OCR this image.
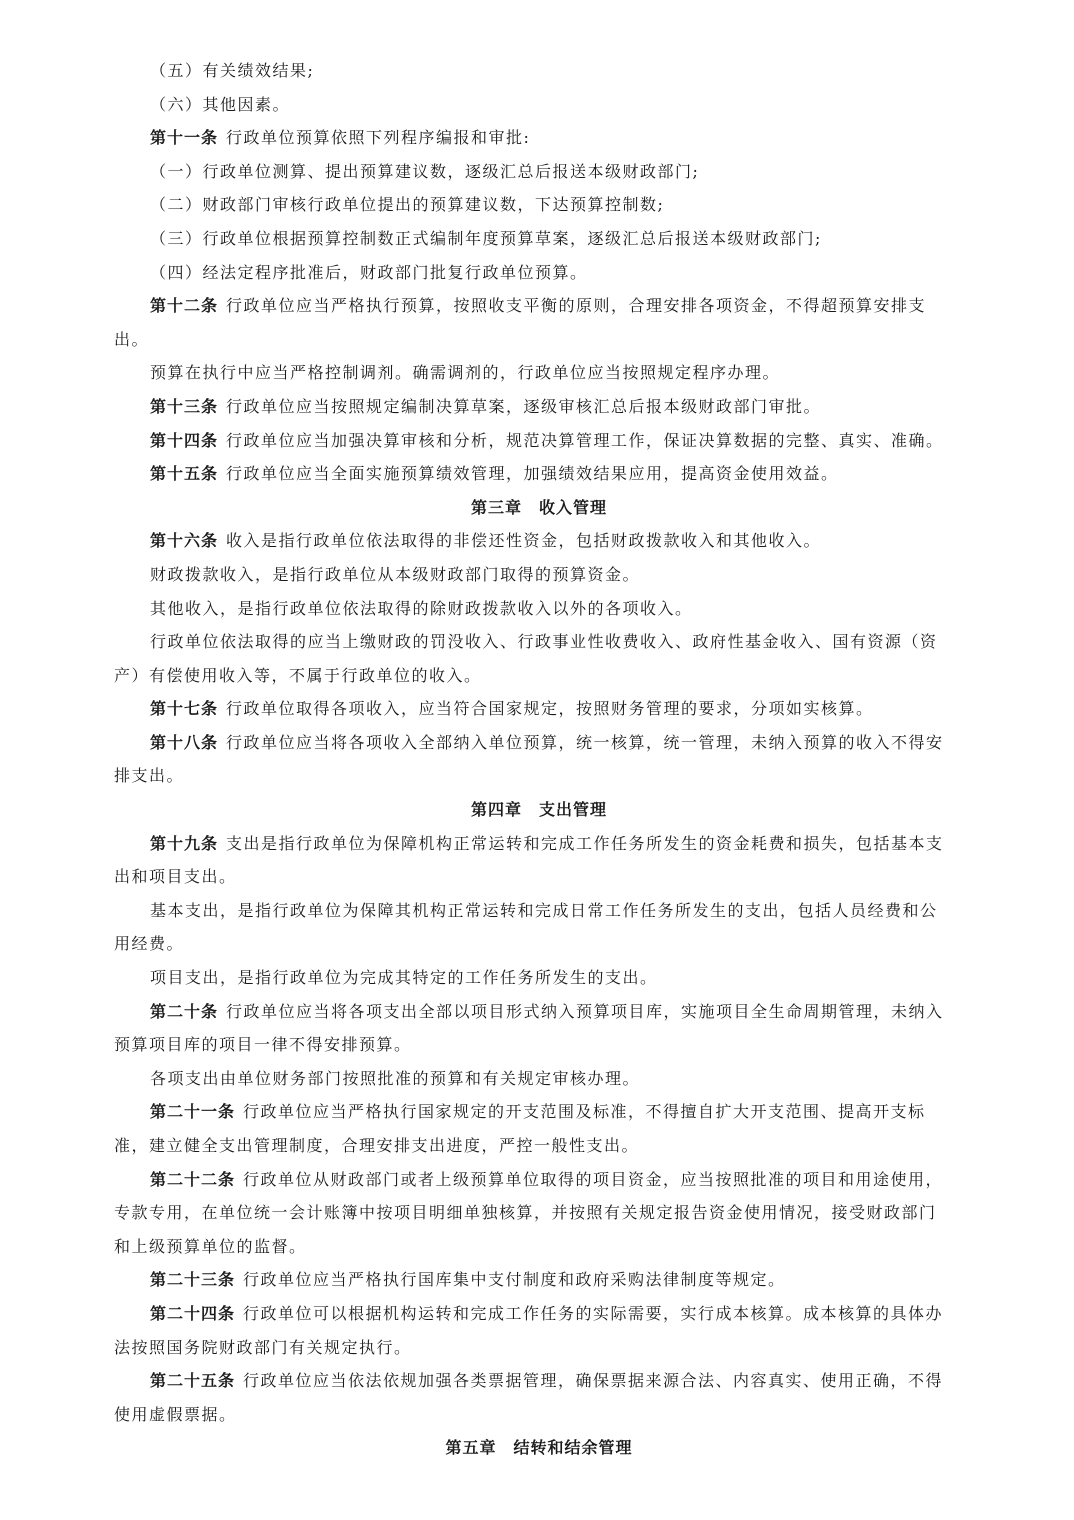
（五）有关绩效结果;
（六）其他因素。
第十一条 行政单位预算依照下列程序编报和审批:
（一）行政单位测算、提出预算建议数，逐级汇总后报送本级财政部门;
（二）财政部门审核行政单位提出的预算建议数，下达预算控制数;
（三）行政单位根据预算控制数正式编制年度预算草案，逐级汇总后报送本级财政部门;
（四）经法定程序批准后，财政部门批复行政单位预算。
第十二条 行政单位应当严格执行预算，按照收支平衡的原则，合理安排各项资金，不得超预算安排支
出。
预算在执行中应当严格控制调剂。确需调剂的，行政单位应当按照规定程序办理。
第十三条 行政单位应当按照规定编制决算草案，逐级审核汇总后报本级财政部门审批。
第十四条 行政单位应当加强决算审核和分析，规范决算管理工作，保证决算数据的完整、真实、准确。
第十五条 行政单位应当全面实施预算绩效管理，加强绩效结果应用，提高资金使用效益。
第三章　收入管理
第十六条 收入是指行政单位依法取得的非偿还性资金，包括财政拨款收入和其他收入。
财政拨款收入，是指行政单位从本级财政部门取得的预算资金。
其他收入，是指行政单位依法取得的除财政拨款收入以外的各项收入。
行政单位依法取得的应当上缴财政的罚没收入、行政事业性收费收入、政府性基金收入、国有资源（资
产）有偿使用收入等，不属于行政单位的收入。
第十七条 行政单位取得各项收入，应当符合国家规定，按照财务管理的要求，分项如实核算。
第十八条 行政单位应当将各项收入全部纳入单位预算，统一核算，统一管理，未纳入预算的收入不得安
排支出。
第四章　支出管理
第十九条 支出是指行政单位为保障机构正常运转和完成工作任务所发生的资金耗费和损失，包括基本支
出和项目支出。
基本支出，是指行政单位为保障其机构正常运转和完成日常工作任务所发生的支出，包括人员经费和公
用经费。
项目支出，是指行政单位为完成其特定的工作任务所发生的支出。
第二十条 行政单位应当将各项支出全部以项目形式纳入预算项目库，实施项目全生命周期管理，未纳入
预算项目库的项目一律不得安排预算。
各项支出由单位财务部门按照批准的预算和有关规定审核办理。
第二十一条 行政单位应当严格执行国家规定的开支范围及标准，不得擅自扩大开支范围、提高开支标
准，建立健全支出管理制度，合理安排支出进度，严控一般性支出。
第二十二条 行政单位从财政部门或者上级预算单位取得的项目资金，应当按照批准的项目和用途使用，
专款专用，在单位统一会计账簿中按项目明细单独核算，并按照有关规定报告资金使用情况，接受财政部门
和上级预算单位的监督。
第二十三条 行政单位应当严格执行国库集中支付制度和政府采购法律制度等规定。
第二十四条 行政单位可以根据机构运转和完成工作任务的实际需要，实行成本核算。成本核算的具体办
法按照国务院财政部门有关规定执行。
第二十五条 行政单位应当依法依规加强各类票据管理，确保票据来源合法、内容真实、使用正确，不得
使用虚假票据。
第五章　结转和结余管理
